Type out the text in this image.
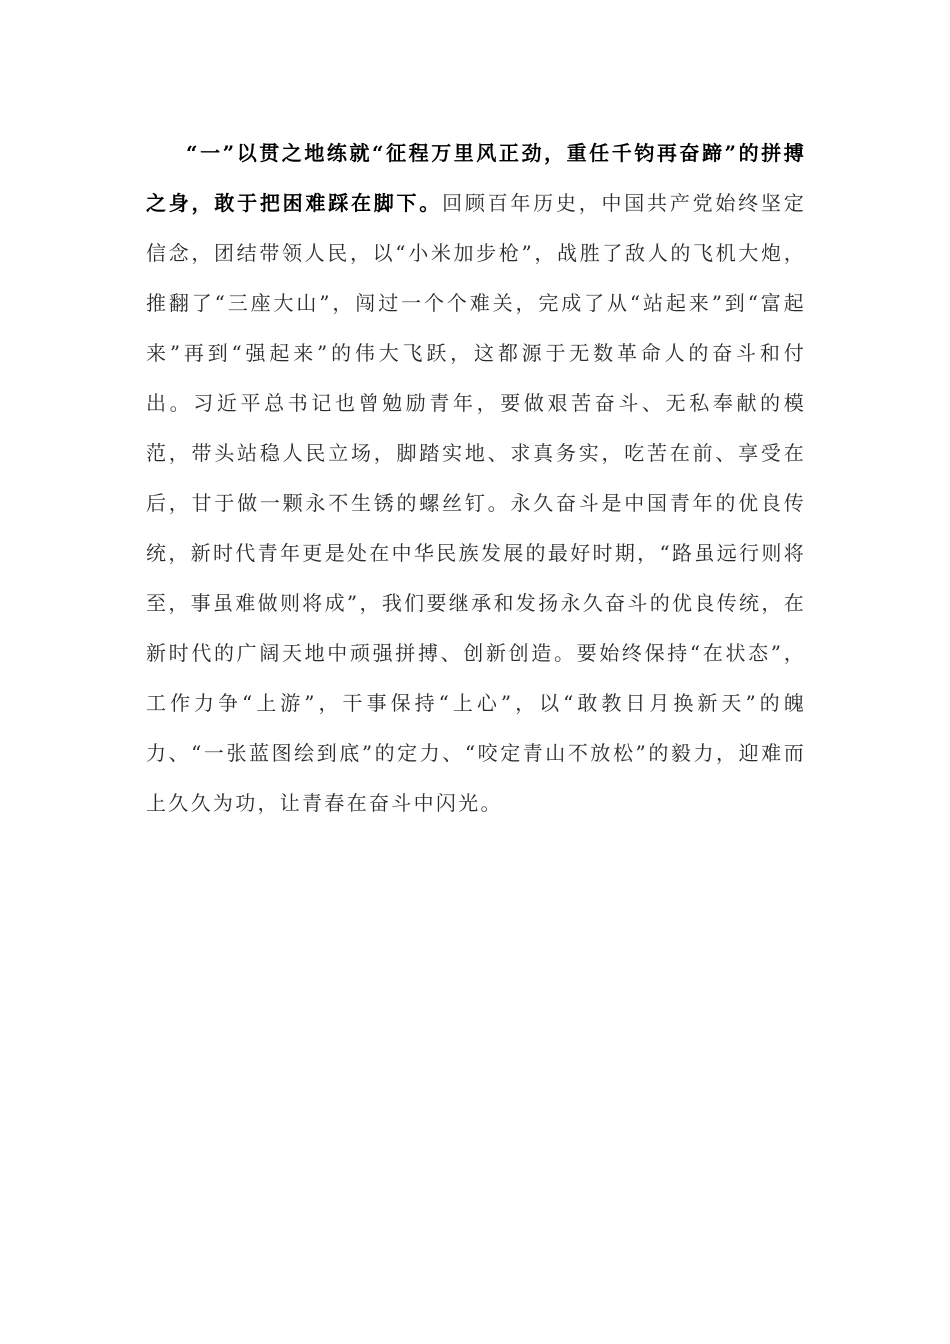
“一”以贯之地练就“征程万里风正劲，重任千钧再奋蹄”的拼搏之身，敢于把困难踩在脚下。回顾百年历史，中国共产党始终坚定信念，团结带领人民，以“小米加步枪”，战胜了敌人的飞机大炮，推翻了“三座大山”，闯过一个个难关，完成了从“站起来”到“富起来”再到“强起来”的伟大飞跃，这都源于无数革命人的奋斗和付出。习近平总书记也曾勉励青年，要做艰苦奋斗、无私奉献的模范，带头站稳人民立场，脚踏实地、求真务实，吃苦在前、享受在后，甘于做一颗永不生锈的螺丝钉。永久奋斗是中国青年的优良传统，新时代青年更是处在中华民族发展的最好时期，“路虽远行则将至，事虽难做则将成”，我们要继承和发扬永久奋斗的优良传统，在新时代的广阔天地中顽强拼搏、创新创造。要始终保持“在状态”，工作力争“上游”，干事保持“上心”，以“敢教日月换新天”的魄力、“一张蓝图绘到底”的定力、“咬定青山不放松”的毅力，迎难而上久久为功，让青春在奋斗中闪光。
